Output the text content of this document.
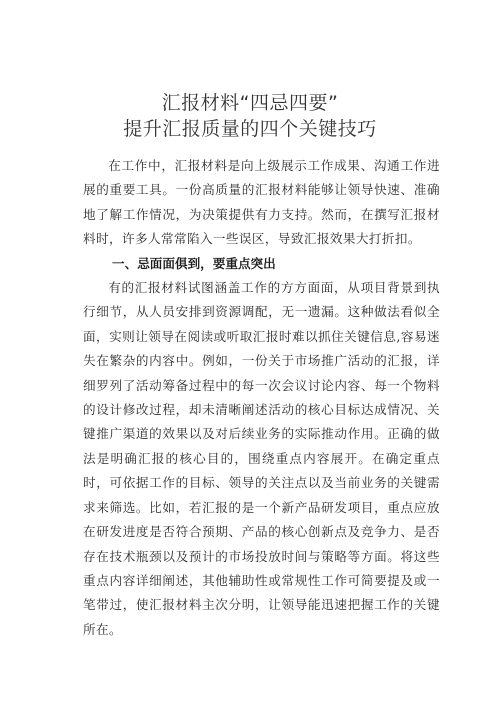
汇报材料“四忌四要”
提升汇报质量的四个关键技巧

在工作中，汇报材料是向上级展示工作成果、沟通工作进展的重要工具。一份高质量的汇报材料能够让领导快速、准确地了解工作情况，为决策提供有力支持。然而，在撰写汇报材料时，许多人常常陷入一些误区，导致汇报效果大打折扣。

一、忌面面俱到，要重点突出

有的汇报材料试图涵盖工作的方方面面，从项目背景到执行细节，从人员安排到资源调配，无一遗漏。这种做法看似全面，实则让领导在阅读或听取汇报时难以抓住关键信息,容易迷失在繁杂的内容中。例如，一份关于市场推广活动的汇报，详细罗列了活动筹备过程中的每一次会议讨论内容、每一个物料的设计修改过程，却未清晰阐述活动的核心目标达成情况、关键推广渠道的效果以及对后续业务的实际推动作用。正确的做法是明确汇报的核心目的，围绕重点内容展开。在确定重点时，可依据工作的目标、领导的关注点以及当前业务的关键需求来筛选。比如，若汇报的是一个新产品研发项目，重点应放在研发进度是否符合预期、产品的核心创新点及竞争力、是否存在技术瓶颈以及预计的市场投放时间与策略等方面。将这些重点内容详细阐述，其他辅助性或常规性工作可简要提及或一笔带过，使汇报材料主次分明，让领导能迅速把握工作的关键所在。
